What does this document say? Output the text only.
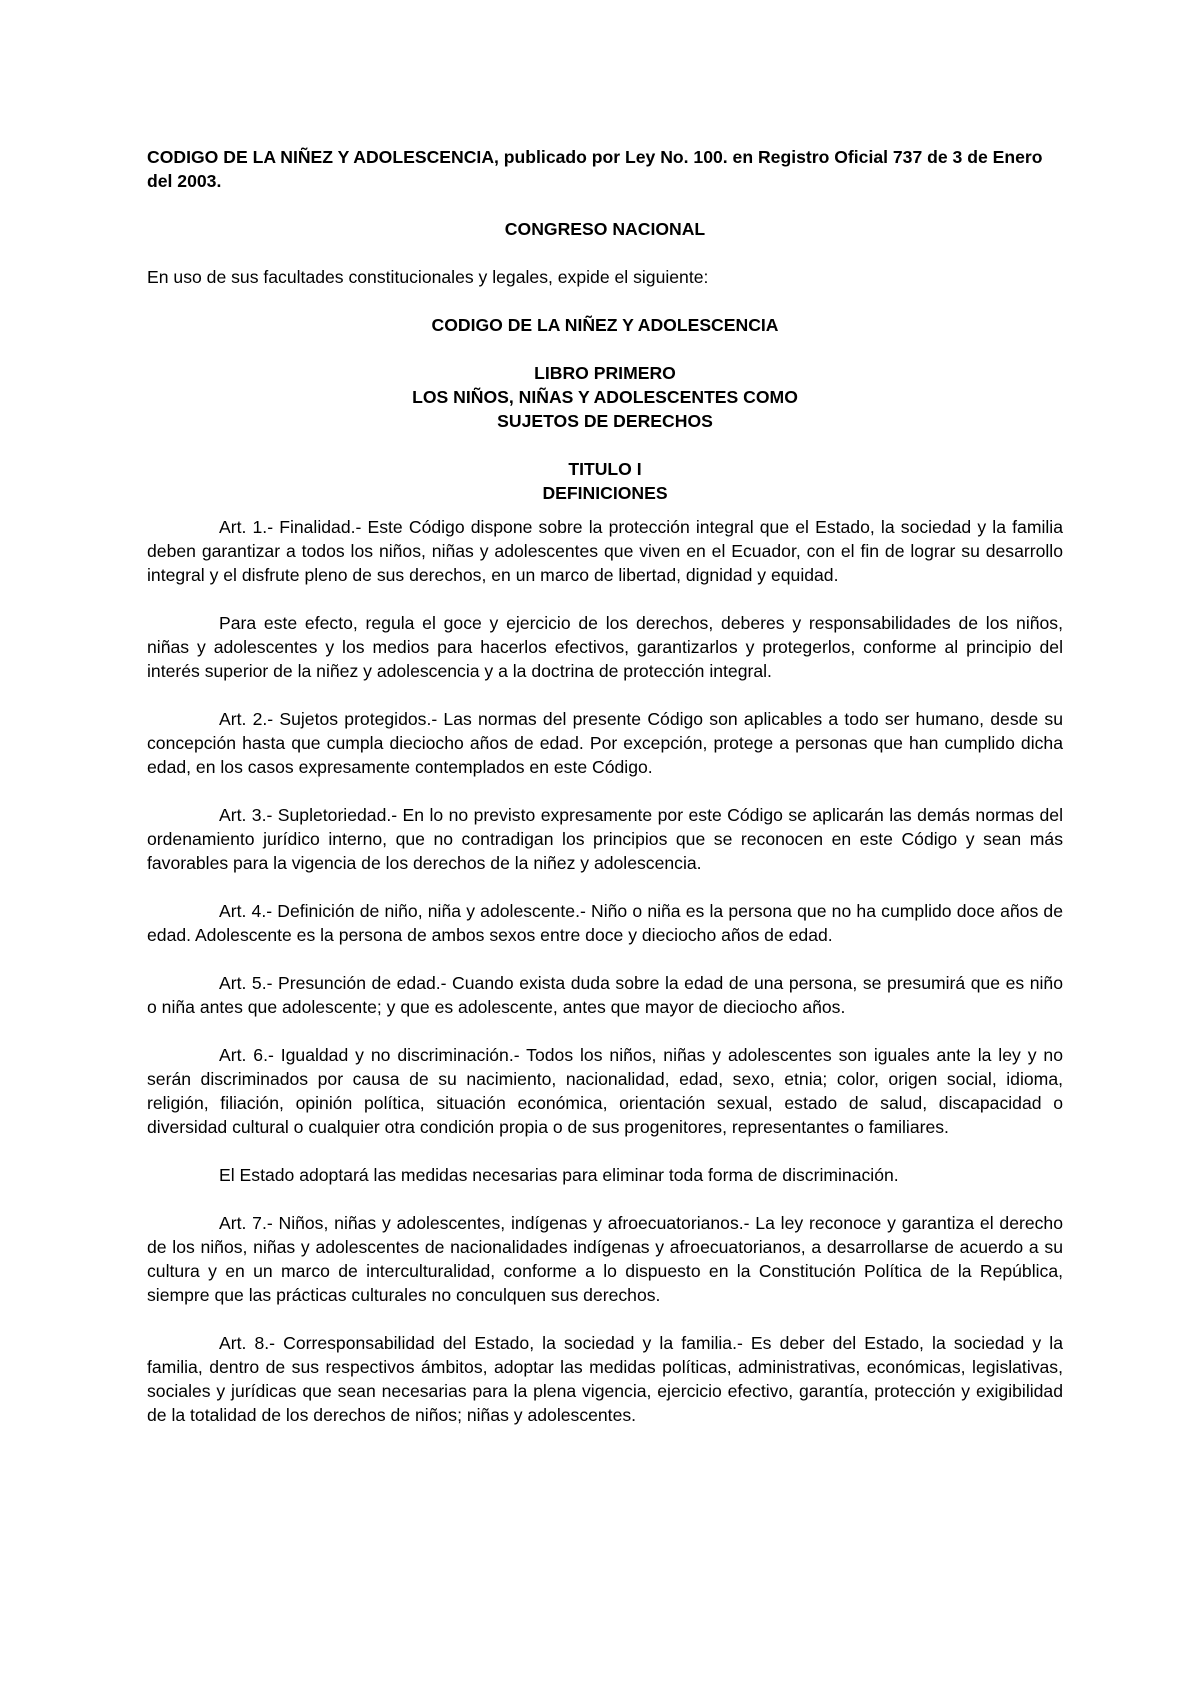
CODIGO DE LA NIÑEZ Y ADOLESCENCIA, publicado por Ley No. 100. en Registro Oficial 737 de 3 de Enero del 2003.

CONGRESO NACIONAL

En uso de sus facultades constitucionales y legales, expide el siguiente:

CODIGO DE LA NIÑEZ Y ADOLESCENCIA

LIBRO PRIMERO

LOS NIÑOS, NIÑAS Y ADOLESCENTES COMO

SUJETOS DE DERECHOS

TITULO I

DEFINICIONES

Art. 1.- Finalidad.- Este Código dispone sobre la protección integral que el Estado, la sociedad y la familia deben garantizar a todos los niños, niñas y adolescentes que viven en el Ecuador, con el fin de lograr su desarrollo integral y el disfrute pleno de sus derechos, en un marco de libertad, dignidad y equidad.

Para este efecto, regula el goce y ejercicio de los derechos, deberes y responsabilidades de los niños, niñas y adolescentes y los medios para hacerlos efectivos, garantizarlos y protegerlos, conforme al principio del interés superior de la niñez y adolescencia y a la doctrina de protección integral.

Art. 2.- Sujetos protegidos.- Las normas del presente Código son aplicables a todo ser humano, desde su concepción hasta que cumpla dieciocho años de edad. Por excepción, protege a personas que han cumplido dicha edad, en los casos expresamente contemplados en este Código.

Art. 3.- Supletoriedad.- En lo no previsto expresamente por este Código se aplicarán las demás normas del ordenamiento jurídico interno, que no contradigan los principios que se reconocen en este Código y sean más favorables para la vigencia de los derechos de la niñez y adolescencia.

Art. 4.- Definición de niño, niña y adolescente.- Niño o niña es la persona que no ha cumplido doce años de edad. Adolescente es la persona de ambos sexos entre doce y dieciocho años de edad.

Art. 5.- Presunción de edad.- Cuando exista duda sobre la edad de una persona, se presumirá que es niño o niña antes que adolescente; y que es adolescente, antes que mayor de dieciocho años.

Art. 6.- Igualdad y no discriminación.- Todos los niños, niñas y adolescentes son iguales ante la ley y no serán discriminados por causa de su nacimiento, nacionalidad, edad, sexo, etnia; color, origen social, idioma, religión, filiación, opinión política, situación económica, orientación sexual, estado de salud, discapacidad o diversidad cultural o cualquier otra condición propia o de sus progenitores, representantes o familiares.

El Estado adoptará las medidas necesarias para eliminar toda forma de discriminación.

Art. 7.- Niños, niñas y adolescentes, indígenas y afroecuatorianos.- La ley reconoce y garantiza el derecho de los niños, niñas y adolescentes de nacionalidades indígenas y afroecuatorianos, a desarrollarse de acuerdo a su cultura y en un marco de interculturalidad, conforme a lo dispuesto en la Constitución Política de la República, siempre que las prácticas culturales no conculquen sus derechos.

Art. 8.- Corresponsabilidad del Estado, la sociedad y la familia.- Es deber del Estado, la sociedad y la familia, dentro de sus respectivos ámbitos, adoptar las medidas políticas, administrativas, económicas, legislativas, sociales y jurídicas que sean necesarias para la plena vigencia, ejercicio efectivo, garantía, protección y exigibilidad de la totalidad de los derechos de niños; niñas y adolescentes.
